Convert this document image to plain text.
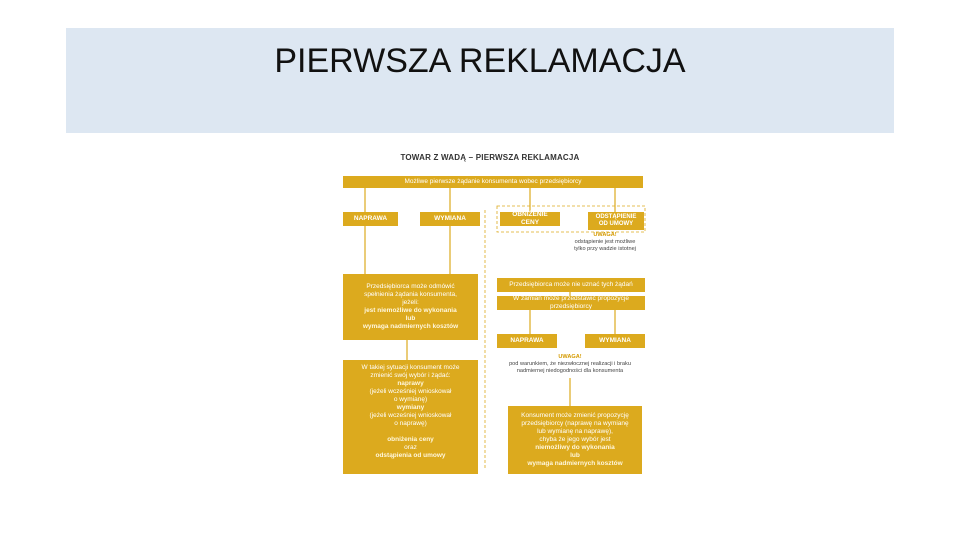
PIERWSZA REKLAMACJA
TOWAR Z WADĄ – PIERWSZA REKLAMACJA
Możliwe pierwsze żądanie konsumenta wobec przedsiębiorcy
NAPRAWA	WYMIANA
OBNIŻENIE CENY
ODSTĄPIENIE OD UMOWY
UWAGA!
odstąpienie jest możliwe
tylko przy wadzie istotnej
Przedsiębiorca może odmówić
spełnienia żądania konsumenta,
jeżeli:
jest niemożliwe do wykonania
lub
wymaga nadmiernych kosztów
W takiej sytuacji konsument może
zmienić swój wybór i żądać:
naprawy
(jeżeli wcześniej wnioskował
o wymianę)
wymiany
(jeżeli wcześniej wnioskował
o naprawę)
obniżenia ceny
oraz
odstąpienia od umowy
Przedsiębiorca może nie uznać tych żądań
W zamian może przedstawić propozycje przedsiębiorcy
NAPRAWA	WYMIANA
UWAGA!
pod warunkiem, że niezwłocznej realizacji i braku
nadmiernej niedogodności dla konsumenta
Konsument może zmienić propozycję
przedsiębiorcy (naprawę na wymianę
lub wymianę na naprawę),
chyba że jego wybór jest
niemożliwy do wykonania
lub
wymaga nadmiernych kosztów
